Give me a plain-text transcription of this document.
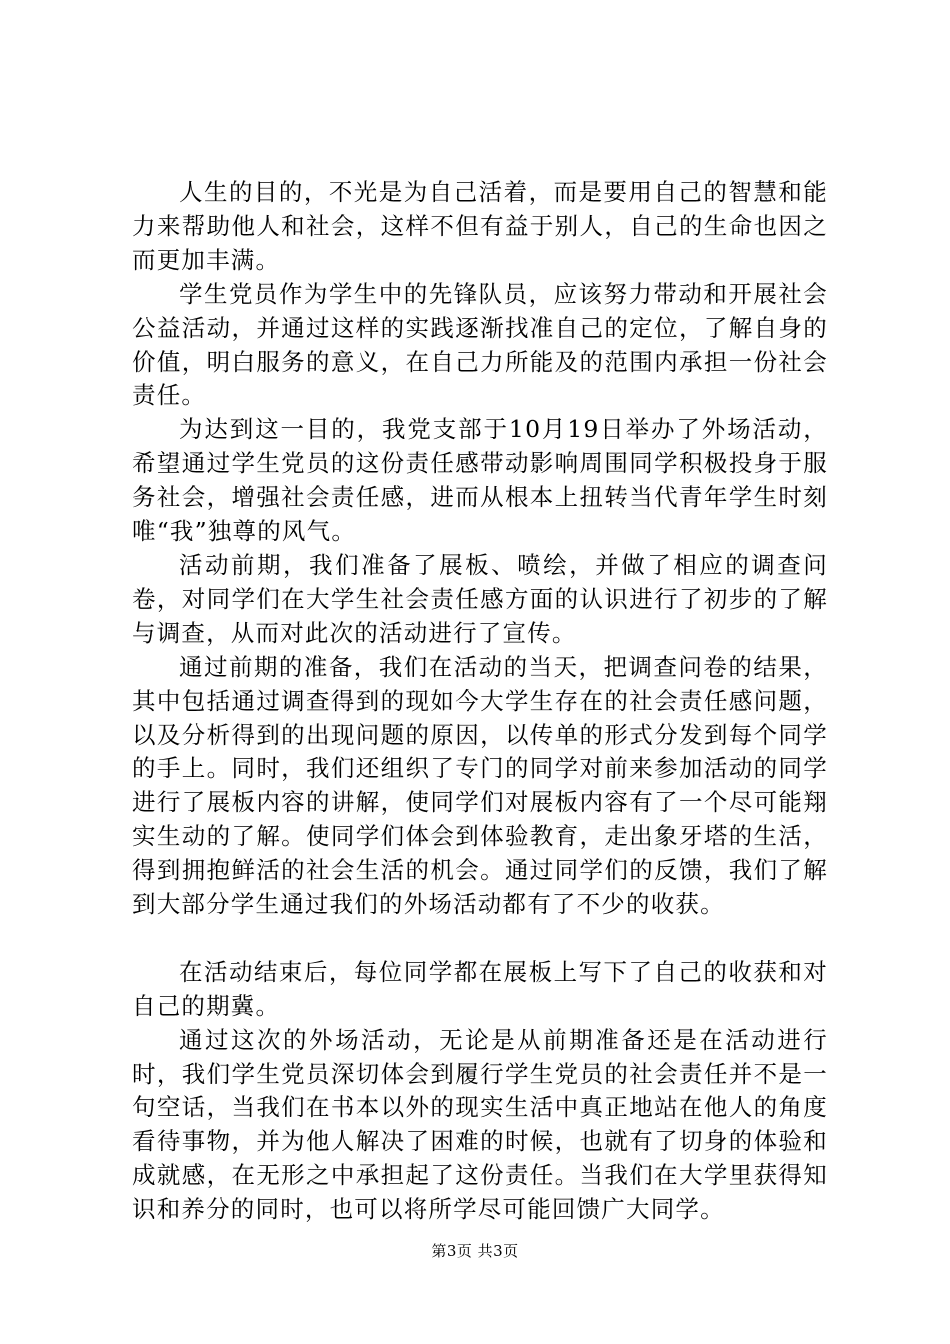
人生的目的，不光是为自己活着，而是要用自己的智慧和能力来帮助他人和社会，这样不但有益于别人，自己的生命也因之而更加丰满。

学生党员作为学生中的先锋队员，应该努力带动和开展社会公益活动，并通过这样的实践逐渐找准自己的定位，了解自身的价值，明白服务的意义，在自己力所能及的范围内承担一份社会责任。

为达到这一目的，我党支部于10月19日举办了外场活动，希望通过学生党员的这份责任感带动影响周围同学积极投身于服务社会，增强社会责任感，进而从根本上扭转当代青年学生时刻唯“我”独尊的风气。

活动前期，我们准备了展板、喷绘，并做了相应的调查问卷，对同学们在大学生社会责任感方面的认识进行了初步的了解与调查，从而对此次的活动进行了宣传。

通过前期的准备，我们在活动的当天，把调查问卷的结果，其中包括通过调查得到的现如今大学生存在的社会责任感问题，以及分析得到的出现问题的原因，以传单的形式分发到每个同学的手上。同时，我们还组织了专门的同学对前来参加活动的同学进行了展板内容的讲解，使同学们对展板内容有了一个尽可能翔实生动的了解。使同学们体会到体验教育，走出象牙塔的生活，得到拥抱鲜活的社会生活的机会。通过同学们的反馈，我们了解到大部分学生通过我们的外场活动都有了不少的收获。

在活动结束后，每位同学都在展板上写下了自己的收获和对自己的期冀。

通过这次的外场活动，无论是从前期准备还是在活动进行时，我们学生党员深切体会到履行学生党员的社会责任并不是一句空话，当我们在书本以外的现实生活中真正地站在他人的角度看待事物，并为他人解决了困难的时候，也就有了切身的体验和成就感，在无形之中承担起了这份责任。当我们在大学里获得知识和养分的同时，也可以将所学尽可能回馈广大同学。

第3页 共3页
